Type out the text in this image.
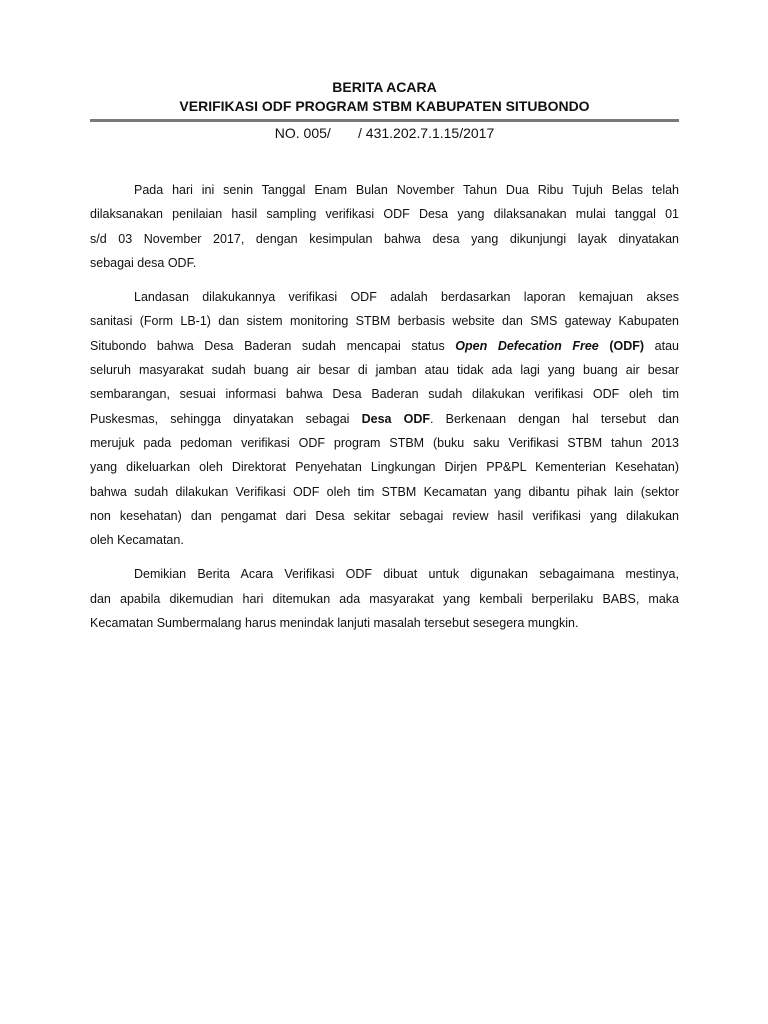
BERITA ACARA

VERIFIKASI ODF PROGRAM STBM KABUPATEN SITUBONDO

NO. 005/       / 431.202.7.1.15/2017
Pada hari ini senin Tanggal Enam Bulan November Tahun Dua Ribu Tujuh Belas telah
dilaksanakan penilaian hasil sampling verifikasi ODF Desa yang dilaksanakan mulai tanggal 01
s/d 03 November 2017, dengan kesimpulan bahwa desa yang dikunjungi layak dinyatakan
sebagai desa ODF.
Landasan dilakukannya verifikasi ODF adalah berdasarkan laporan kemajuan akses
sanitasi (Form LB-1) dan sistem monitoring STBM berbasis website dan SMS gateway Kabupaten
Situbondo bahwa Desa Baderan sudah mencapai status Open Defecation Free (ODF) atau
seluruh masyarakat sudah buang air besar di jamban atau tidak ada lagi yang buang air besar
sembarangan, sesuai informasi bahwa Desa Baderan sudah dilakukan verifikasi ODF oleh tim
Puskesmas, sehingga dinyatakan sebagai Desa ODF. Berkenaan dengan hal tersebut dan
merujuk pada pedoman verifikasi ODF program STBM (buku saku Verifikasi STBM tahun 2013
yang dikeluarkan oleh Direktorat Penyehatan Lingkungan Dirjen PP&PL Kementerian Kesehatan)
bahwa sudah dilakukan Verifikasi ODF oleh tim STBM Kecamatan yang dibantu pihak lain (sektor
non kesehatan) dan pengamat dari Desa sekitar sebagai review hasil verifikasi yang dilakukan
oleh Kecamatan.
Demikian Berita Acara Verifikasi ODF dibuat untuk digunakan sebagaimana mestinya,
dan apabila dikemudian hari ditemukan ada masyarakat yang kembali berperilaku BABS, maka
Kecamatan Sumbermalang harus menindak lanjuti masalah tersebut sesegera mungkin.
